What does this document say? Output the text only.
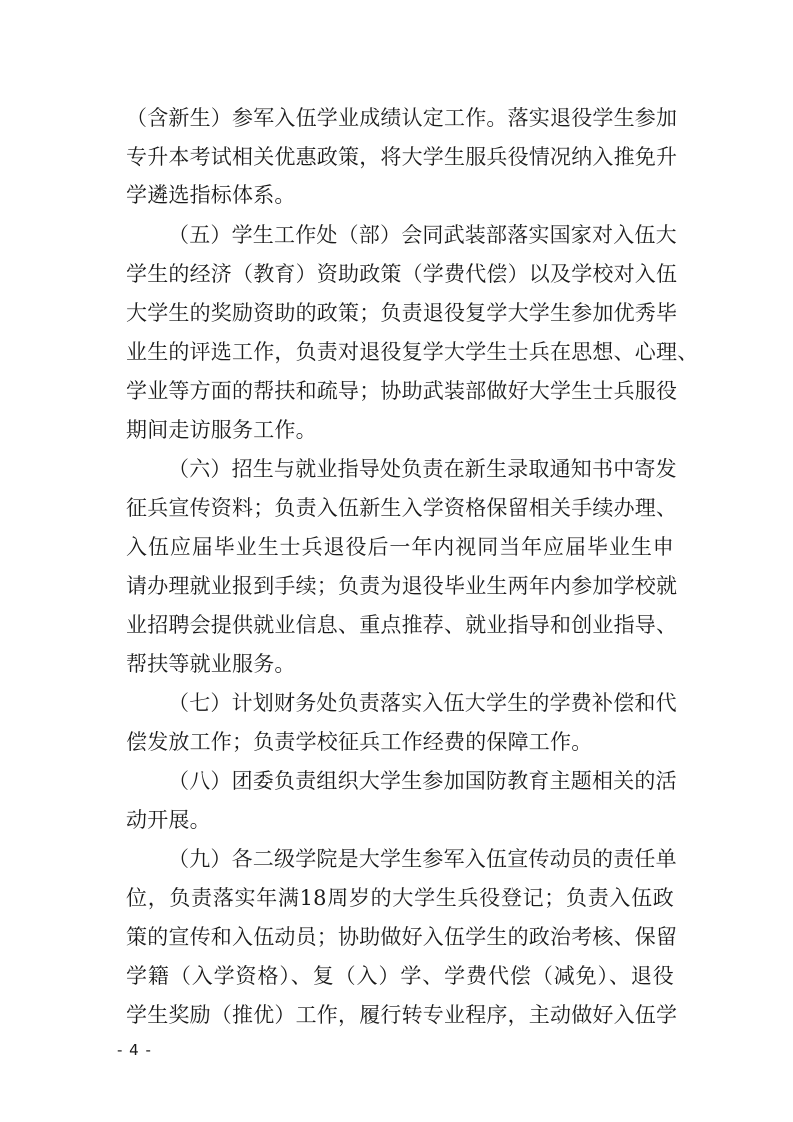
（含新生）参军入伍学业成绩认定工作。落实退役学生参加
专升本考试相关优惠政策，将大学生服兵役情况纳入推免升
学遴选指标体系。
（五）学生工作处（部）会同武装部落实国家对入伍大
学生的经济（教育）资助政策（学费代偿）以及学校对入伍
大学生的奖励资助的政策；负责退役复学大学生参加优秀毕
业生的评选工作，负责对退役复学大学生士兵在思想、心理、
学业等方面的帮扶和疏导；协助武装部做好大学生士兵服役
期间走访服务工作。
（六）招生与就业指导处负责在新生录取通知书中寄发
征兵宣传资料；负责入伍新生入学资格保留相关手续办理、
入伍应届毕业生士兵退役后一年内视同当年应届毕业生申
请办理就业报到手续；负责为退役毕业生两年内参加学校就
业招聘会提供就业信息、重点推荐、就业指导和创业指导、
帮扶等就业服务。
（七）计划财务处负责落实入伍大学生的学费补偿和代
偿发放工作；负责学校征兵工作经费的保障工作。
（八）团委负责组织大学生参加国防教育主题相关的活
动开展。
（九）各二级学院是大学生参军入伍宣传动员的责任单
位，负责落实年满18周岁的大学生兵役登记；负责入伍政
策的宣传和入伍动员；协助做好入伍学生的政治考核、保留
学籍（入学资格）、复（入）学、学费代偿（减免）、退役
学生奖励（推优）工作，履行转专业程序，主动做好入伍学
- 4 -
